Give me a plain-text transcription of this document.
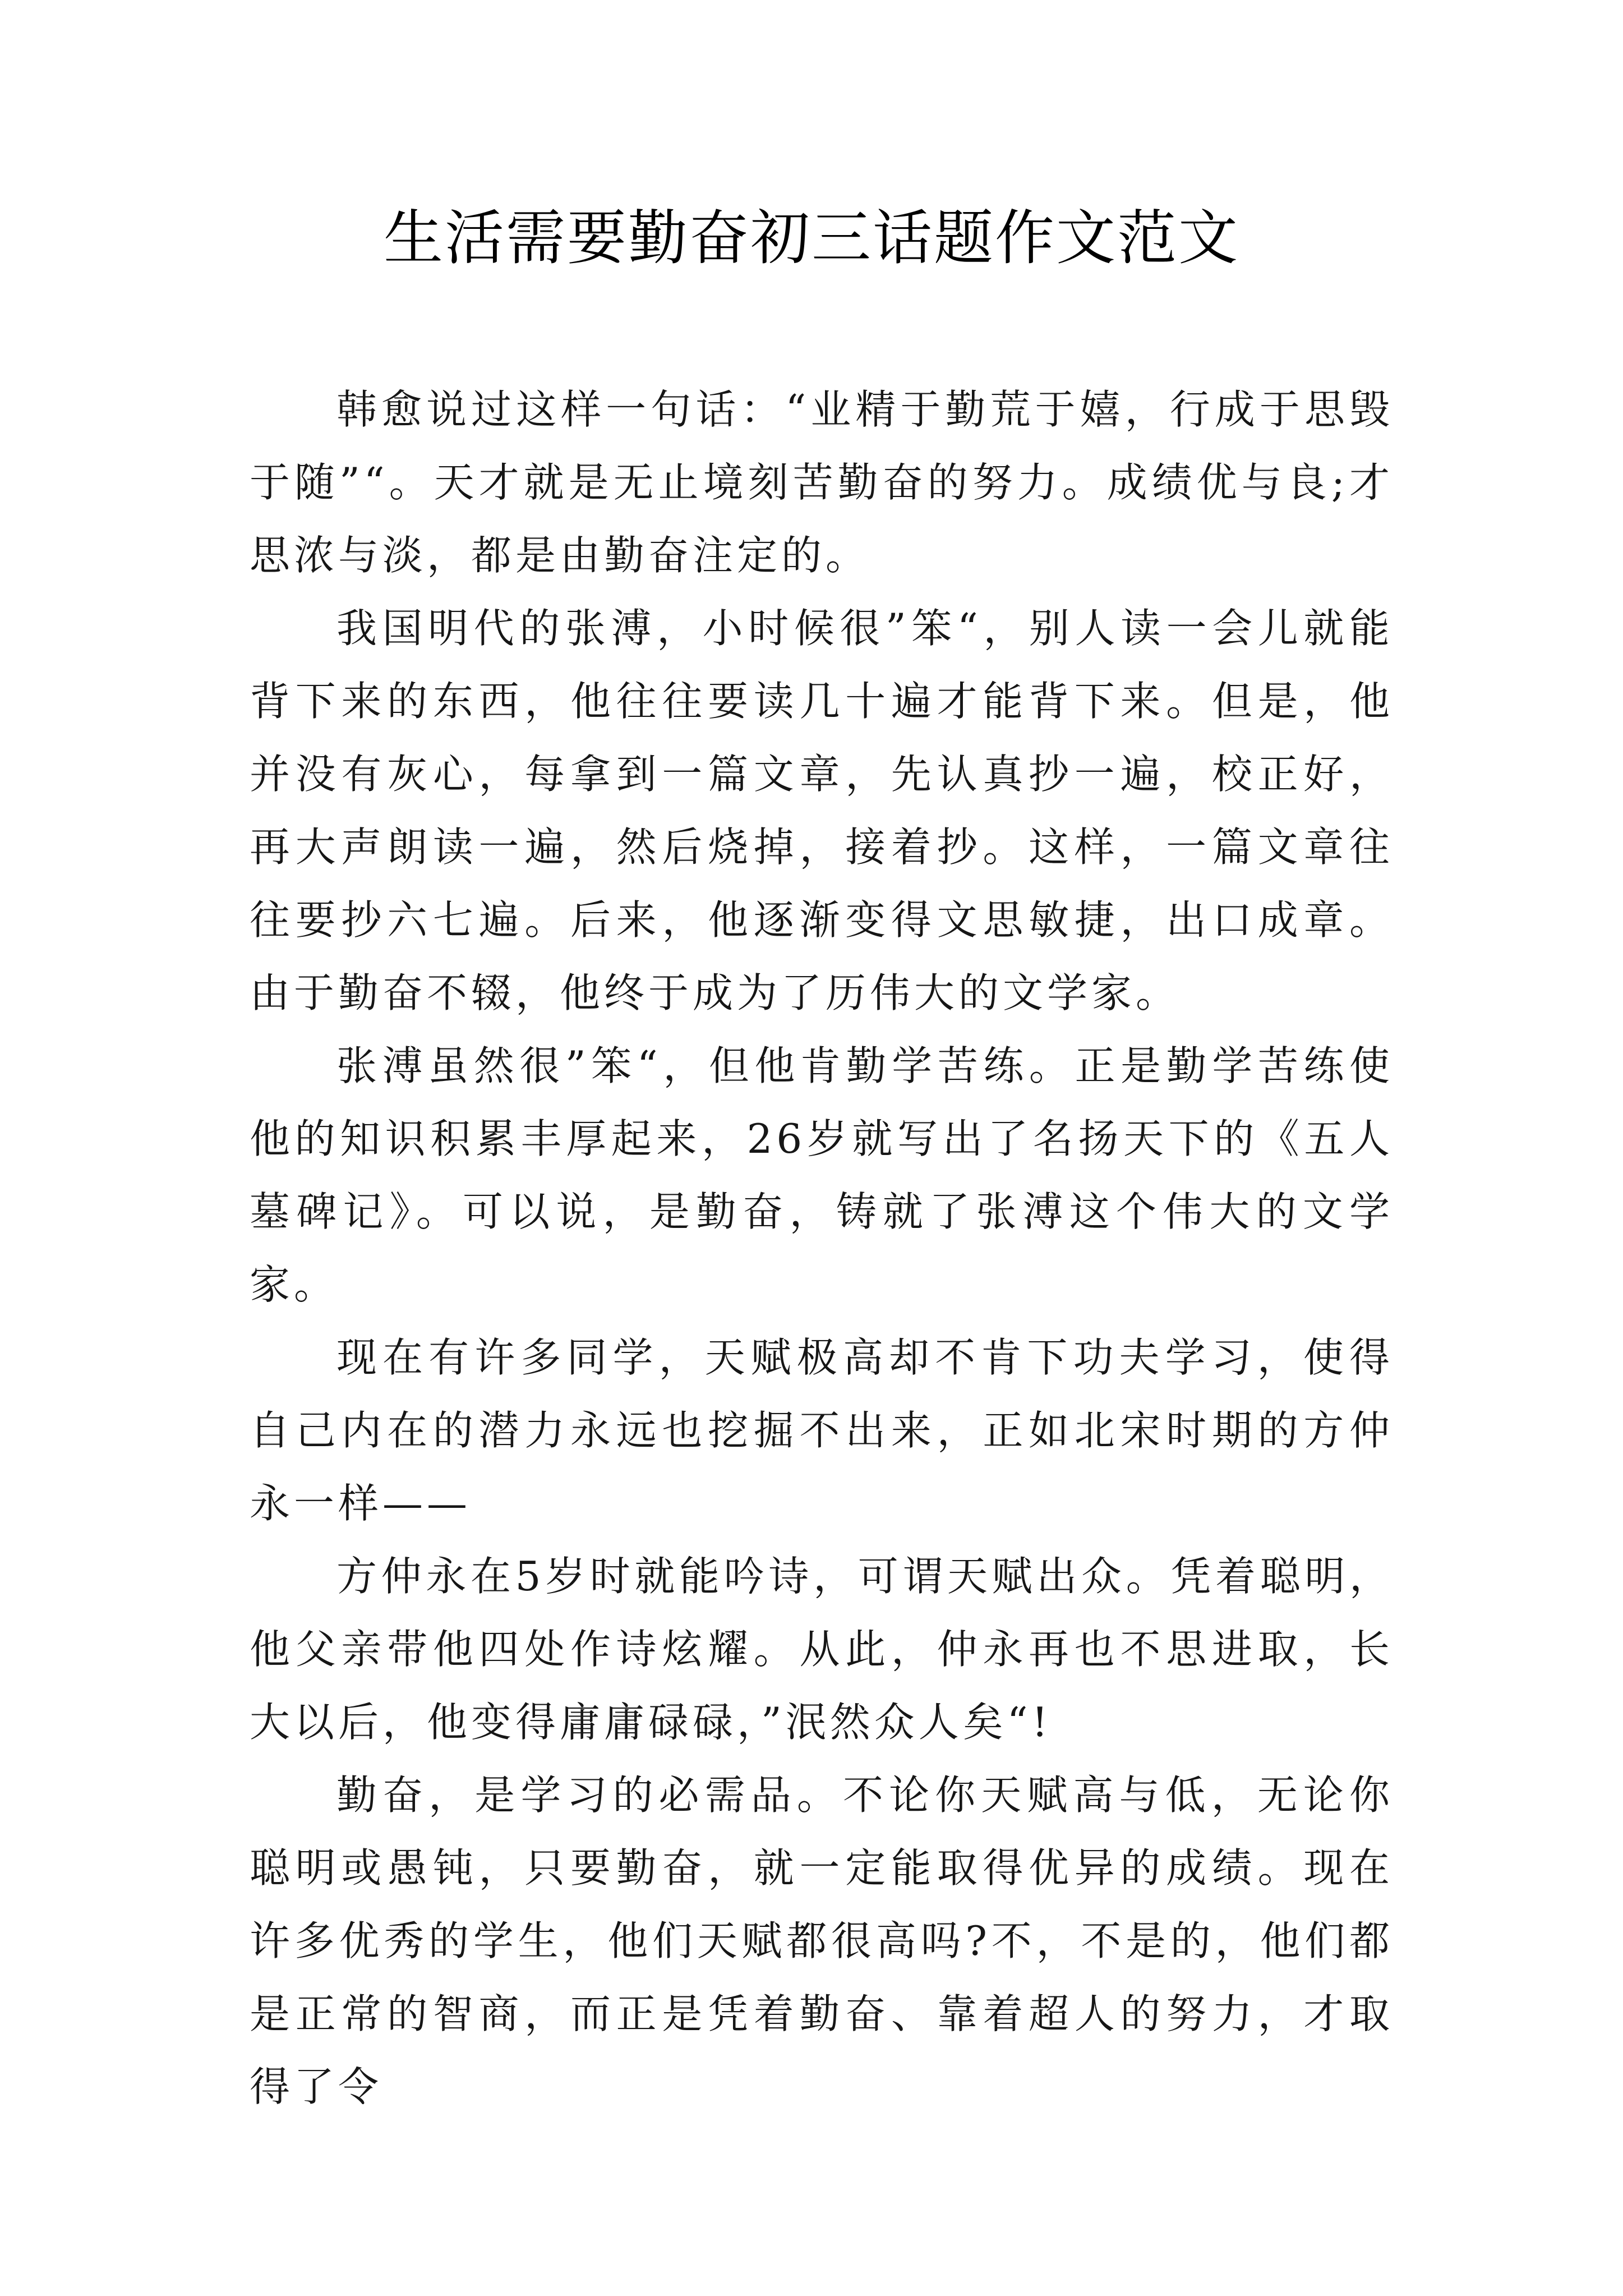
生活需要勤奋初三话题作文范文

韩愈说过这样一句话：“业精于勤荒于嬉，行成于思毁于随”“。天才就是无止境刻苦勤奋的努力。成绩优与良;才思浓与淡，都是由勤奋注定的。

我国明代的张溥，小时候很”笨“，别人读一会儿就能背下来的东西，他往往要读几十遍才能背下来。但是，他并没有灰心，每拿到一篇文章，先认真抄一遍，校正好，再大声朗读一遍，然后烧掉，接着抄。这样，一篇文章往往要抄六七遍。后来，他逐渐变得文思敏捷，出口成章。由于勤奋不辍，他终于成为了历伟大的文学家。

张溥虽然很”笨“，但他肯勤学苦练。正是勤学苦练使他的知识积累丰厚起来，26岁就写出了名扬天下的《五人墓碑记》。可以说，是勤奋，铸就了张溥这个伟大的文学家。

现在有许多同学，天赋极高却不肯下功夫学习，使得自己内在的潜力永远也挖掘不出来，正如北宋时期的方仲永一样——

方仲永在5岁时就能吟诗，可谓天赋出众。凭着聪明，他父亲带他四处作诗炫耀。从此，仲永再也不思进取，长大以后，他变得庸庸碌碌，”泯然众人矣“!

勤奋，是学习的必需品。不论你天赋高与低，无论你聪明或愚钝，只要勤奋，就一定能取得优异的成绩。现在许多优秀的学生，他们天赋都很高吗?不，不是的，他们都是正常的智商，而正是凭着勤奋、靠着超人的努力，才取得了令
